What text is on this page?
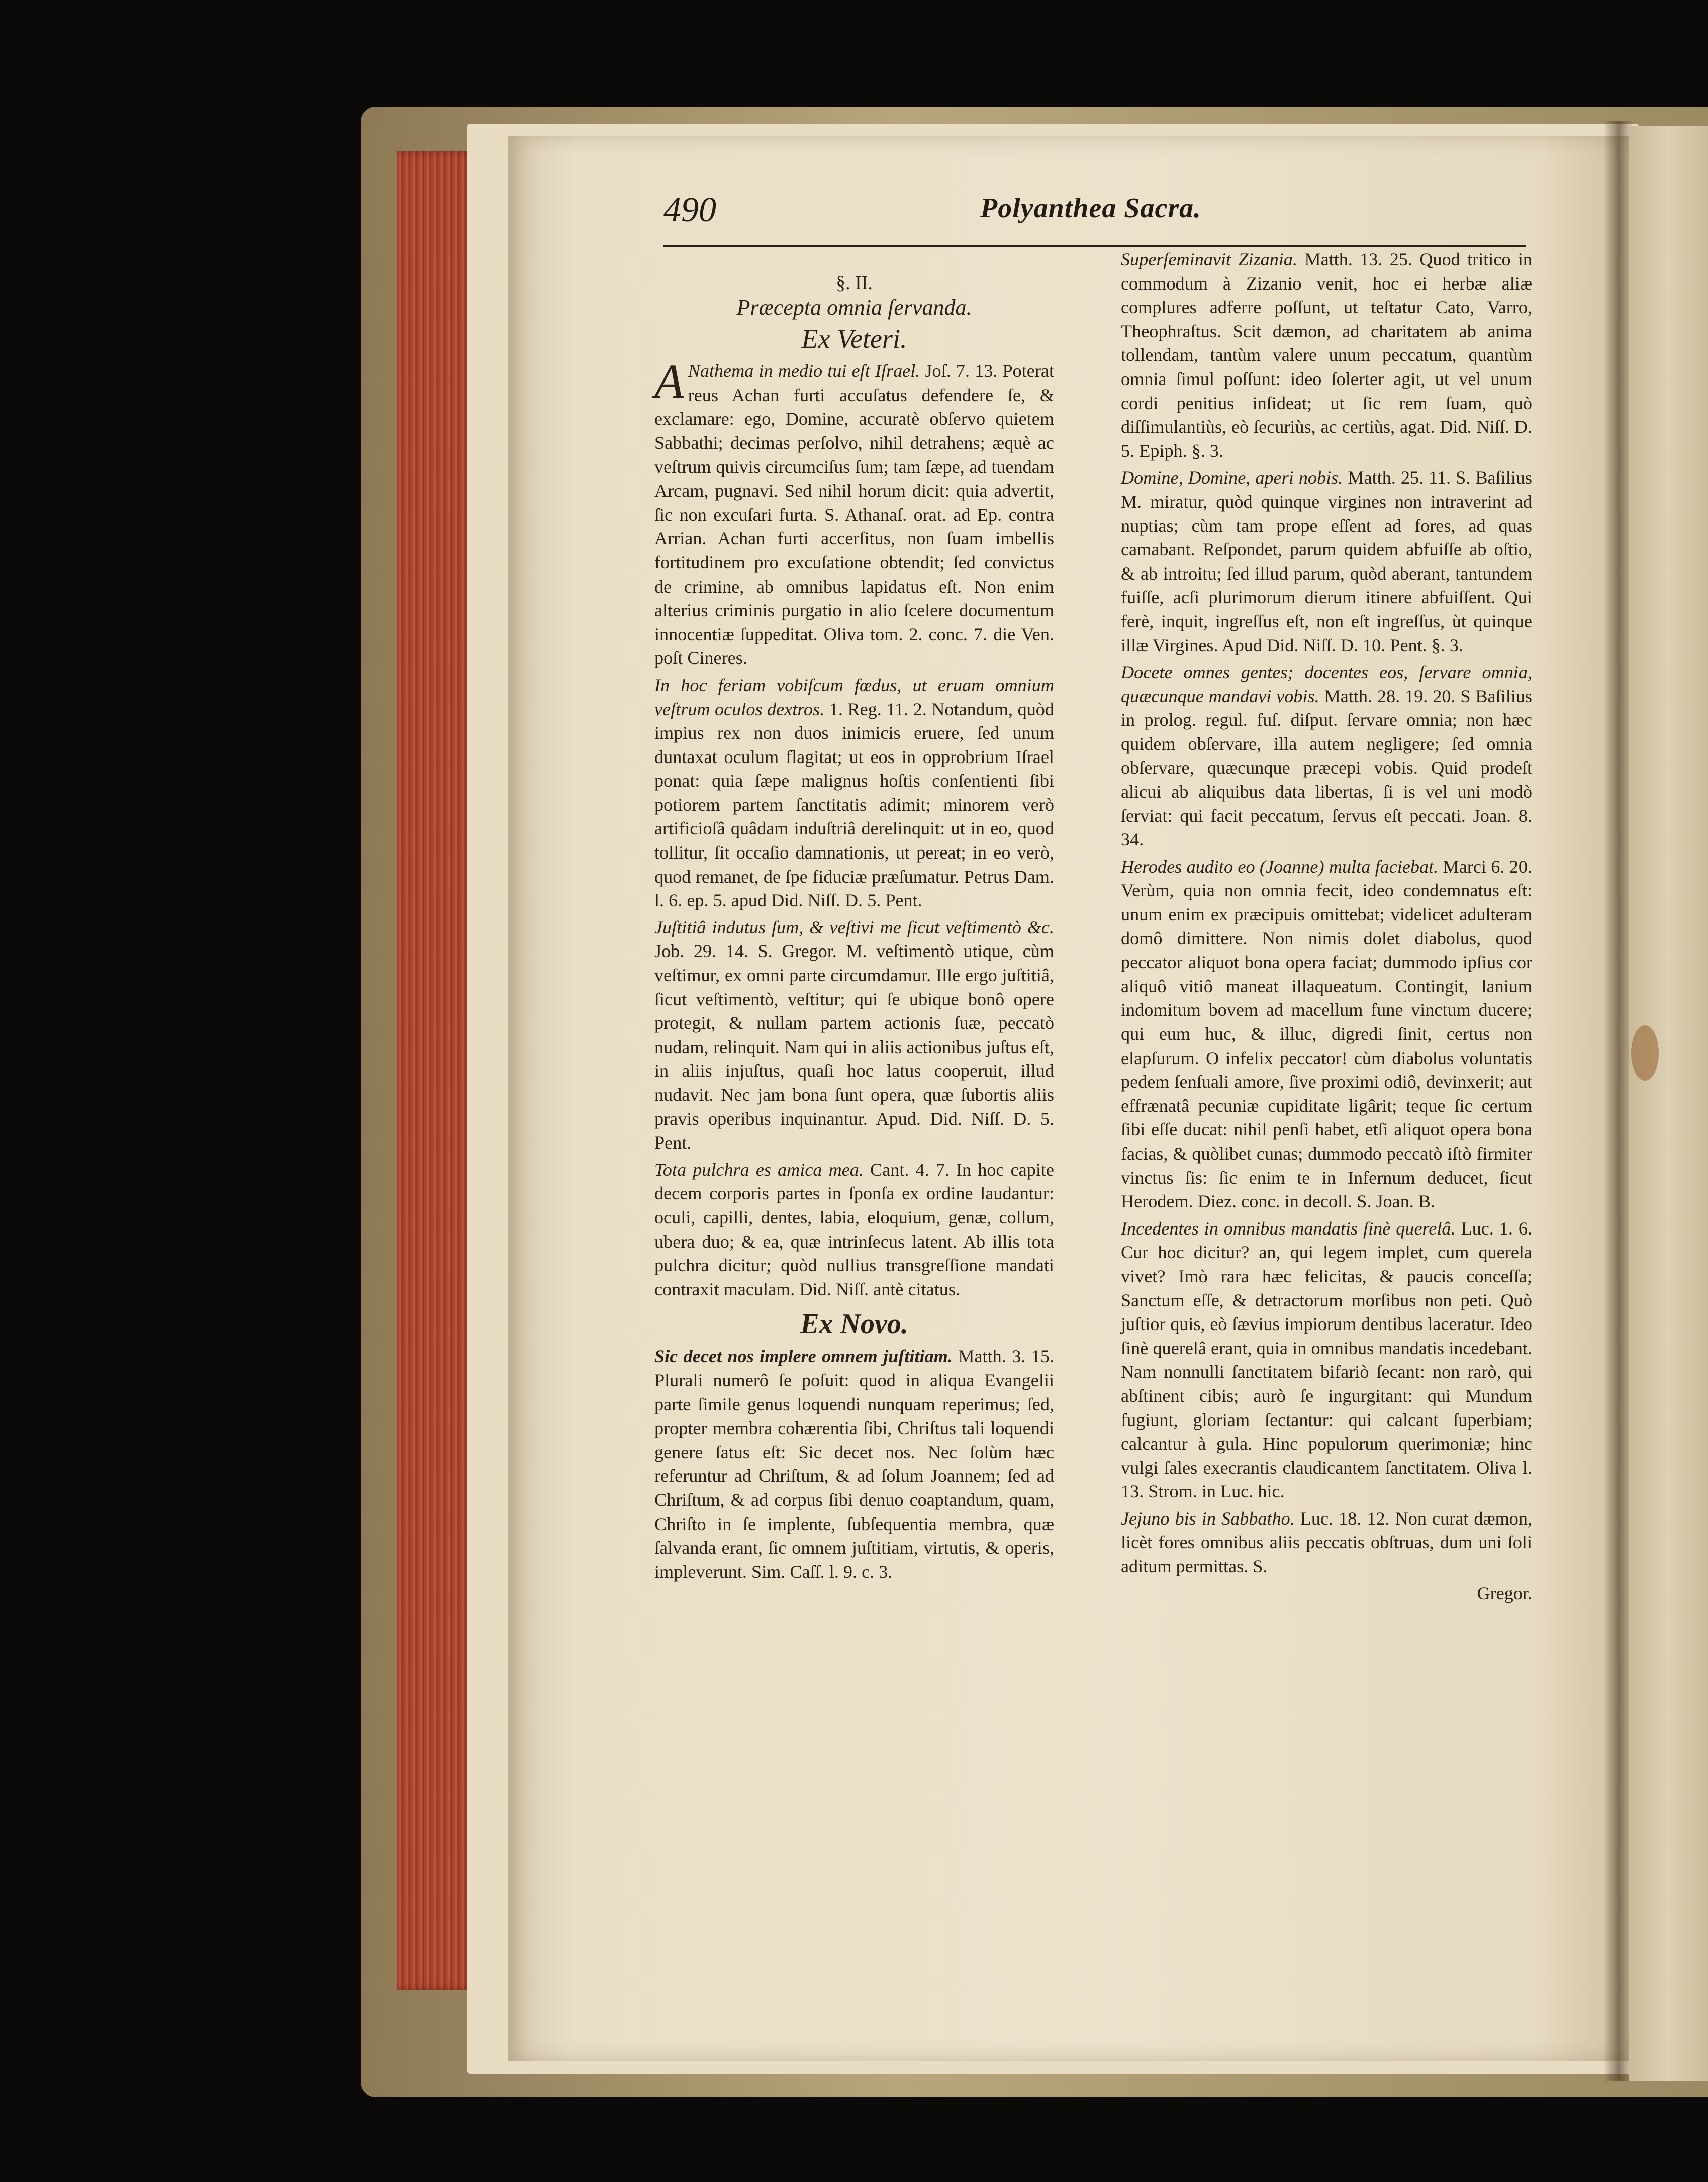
490	Polyanthea Sacra.

§. II.

Præcepta omnia ſervanda.

Ex Veteri.

A Nathema in medio tui eſt Iſrael. Joſ. 7. 13. Poterat reus Achan furti accuſatus defendere ſe, & exclamare: ego, Domine, accuratè obſervo quietem Sabbathi; decimas perſolvo, nihil detrahens; æquè ac veſtrum quivis circumciſus ſum; tam ſæpe, ad tuendam Arcam, pugnavi. Sed nihil horum dicit: quia advertit, ſic non excuſari furta. S. Athanaſ. orat. ad Ep. contra Arrian. Achan furti accerſitus, non ſuam imbellis fortitudinem pro excuſatione obtendit; ſed convictus de crimine, ab omnibus lapidatus eſt. Non enim alterius criminis purgatio in alio ſcelere documentum innocentiæ ſuppeditat. Oliva tom. 2. conc. 7. die Ven. poſt Cineres.

In hoc feriam vobiſcum fœdus, ut eruam omnium veſtrum oculos dextros. 1. Reg. 11. 2. Notandum, quòd impius rex non duos inimicis eruere, ſed unum duntaxat oculum flagitat; ut eos in opprobrium Iſrael ponat: quia ſæpe malignus hoſtis conſentienti ſibi potiorem partem ſanctitatis adimit; minorem verò artificioſâ quâdam induſtriâ derelinquit: ut in eo, quod tollitur, ſit occaſio damnationis, ut pereat; in eo verò, quod remanet, de ſpe fiduciæ præſumatur. Petrus Dam. l. 6. ep. 5. apud Did. Niſſ. D. 5. Pent.

Juſtitiâ indutus ſum, & veſtivi me ſicut veſtimentò &c. Job. 29. 14. S. Gregor. M. veſtimentò utique, cùm veſtimur, ex omni parte circumdamur. Ille ergo juſtitiâ, ſicut veſtimentò, veſtitur; qui ſe ubique bonô opere protegit, & nullam partem actionis ſuæ, peccatò nudam, relinquit. Nam qui in aliis actionibus juſtus eſt, in aliis injuſtus, quaſi hoc latus cooperuit, illud nudavit. Nec jam bona ſunt opera, quæ ſubortis aliis pravis operibus inquinantur. Apud. Did. Niſſ. D. 5. Pent.

Tota pulchra es amica mea. Cant. 4. 7. In hoc capite decem corporis partes in ſponſa ex ordine laudantur: oculi, capilli, dentes, labia, eloquium, genæ, collum, ubera duo; & ea, quæ intrinſecus latent. Ab illis tota pulchra dicitur; quòd nullius transgreſſione mandati contraxit maculam. Did. Niſſ. antè citatus.

Ex Novo.

Sic decet nos implere omnem juſtitiam. Matth. 3. 15. Plurali numerô ſe poſuit: quod in aliqua Evangelii parte ſimile genus loquendi nunquam reperimus; ſed, propter membra cohærentia ſibi, Chriſtus tali loquendi genere ſatus eſt: Sic decet nos. Nec ſolùm hæc referuntur ad Chriſtum, & ad ſolum Joannem; ſed ad Chriſtum, & ad corpus ſibi denuo coaptandum, quam, Chriſto in ſe implente, ſubſequentia membra, quæ ſalvanda erant, ſic omnem juſtitiam, virtutis, & operis, impleverunt. Sim. Caſſ. l. 9. c. 3.

Superſeminavit Zizania. Matth. 13. 25. Quod tritico in commodum à Zizanio venit, hoc ei herbæ aliæ complures adferre poſſunt, ut teſtatur Cato, Varro, Theophraſtus. Scit dæmon, ad charitatem ab anima tollendam, tantùm valere unum peccatum, quantùm omnia ſimul poſſunt: ideo ſolerter agit, ut vel unum cordi penitius inſideat; ut ſic rem ſuam, quò diſſimulantiùs, eò ſecuriùs, ac certiùs, agat. Did. Niſſ. D. 5. Epiph. §. 3.

Domine, Domine, aperi nobis. Matth. 25. 11. S. Baſilius M. miratur, quòd quinque virgines non intraverint ad nuptias; cùm tam prope eſſent ad fores, ad quas camabant. Reſpondet, parum quidem abfuiſſe ab oſtio, & ab introitu; ſed illud parum, quòd aberant, tantundem fuiſſe, acſi plurimorum dierum itinere abfuiſſent. Qui ferè, inquit, ingreſſus eſt, non eſt ingreſſus, ùt quinque illæ Virgines. Apud Did. Niſſ. D. 10. Pent. §. 3.

Docete omnes gentes; docentes eos, ſervare omnia, quæcunque mandavi vobis. Matth. 28. 19. 20. S Baſilius in prolog. regul. fuſ. diſput. ſervare omnia; non hæc quidem obſervare, illa autem negligere; ſed omnia obſervare, quæcunque præcepi vobis. Quid prodeſt alicui ab aliquibus data libertas, ſi is vel uni modò ſerviat: qui facit peccatum, ſervus eſt peccati. Joan. 8. 34.

Herodes audito eo (Joanne) multa faciebat. Marci 6. 20. Verùm, quia non omnia fecit, ideo condemnatus eſt: unum enim ex præcipuis omittebat; videlicet adulteram domô dimittere. Non nimis dolet diabolus, quod peccator aliquot bona opera faciat; dummodo ipſius cor aliquô vitiô maneat illaqueatum. Contingit, lanium indomitum bovem ad macellum fune vinctum ducere; qui eum huc, & illuc, digredi ſinit, certus non elapſurum. O infelix peccator! cùm diabolus voluntatis pedem ſenſuali amore, ſive proximi odiô, devinxerit; aut effrænatâ pecuniæ cupiditate ligârit; teque ſic certum ſibi eſſe ducat: nihil penſi habet, etſi aliquot opera bona facias, & quòlibet cunas; dummodo peccatò iſtò firmiter vinctus ſis: ſic enim te in Infernum deducet, ſicut Herodem. Diez. conc. in decoll. S. Joan. B.

Incedentes in omnibus mandatis ſinè querelâ. Luc. 1. 6. Cur hoc dicitur? an, qui legem implet, cum querela vivet? Imò rara hæc felicitas, & paucis conceſſa; Sanctum eſſe, & detractorum morſibus non peti. Quò juſtior quis, eò ſævius impiorum dentibus laceratur. Ideo ſinè querelâ erant, quia in omnibus mandatis incedebant. Nam nonnulli ſanctitatem bifariò ſecant: non rarò, qui abſtinent cibis; aurò ſe ingurgitant: qui Mundum fugiunt, gloriam ſectantur: qui calcant ſuperbiam; calcantur à gula. Hinc populorum querimoniæ; hinc vulgi ſales execrantis claudicantem ſanctitatem. Oliva l. 13. Strom. in Luc. hic.

Jejuno bis in Sabbatho. Luc. 18. 12. Non curat dæmon, licèt fores omnibus aliis peccatis obſtruas, dum uni ſoli aditum permittas. S.

Gregor.
